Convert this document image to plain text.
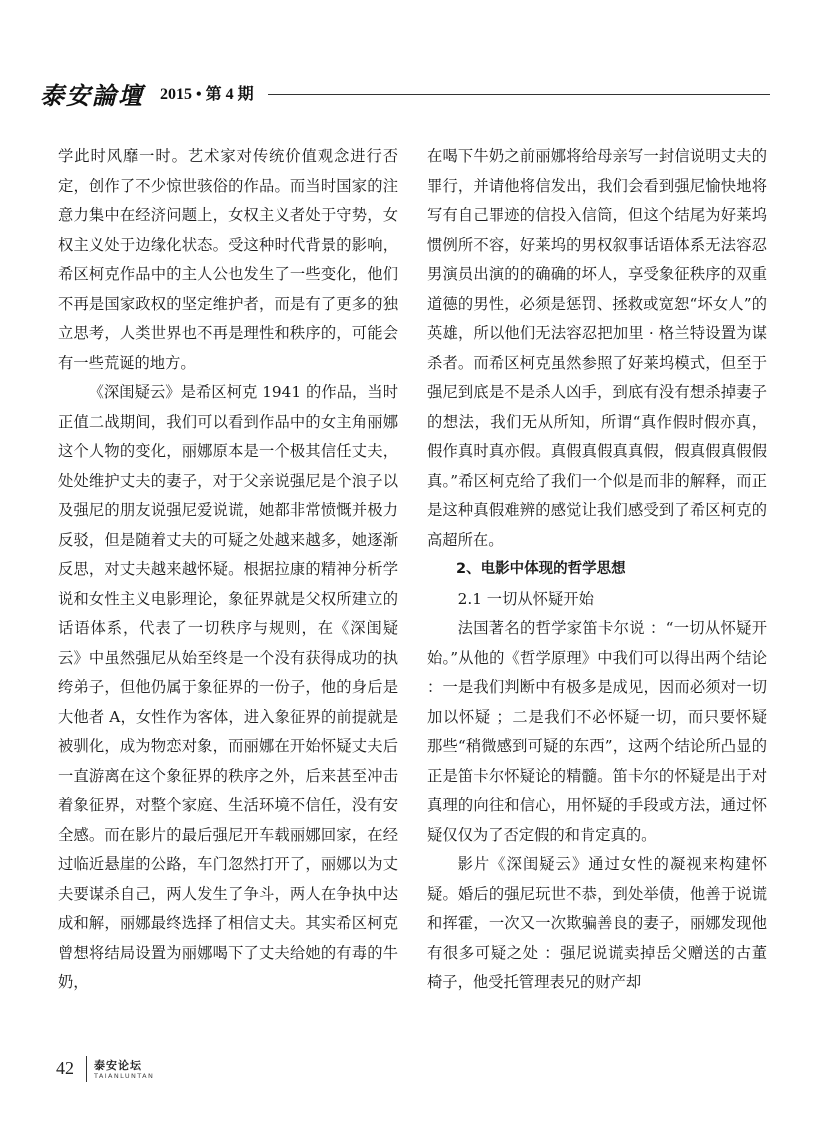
泰安論壇 2015 • 第 4 期

学此时风靡一时。艺术家对传统价值观念进行否定，创作了不少惊世骇俗的作品。而当时国家的注意力集中在经济问题上，女权主义者处于守势，女权主义处于边缘化状态。受这种时代背景的影响，希区柯克作品中的主人公也发生了一些变化，他们不再是国家政权的坚定维护者，而是有了更多的独立思考，人类世界也不再是理性和秩序的，可能会有一些荒诞的地方。

《深闺疑云》是希区柯克 1941 的作品，当时正值二战期间，我们可以看到作品中的女主角丽娜这个人物的变化，丽娜原本是一个极其信任丈夫，处处维护丈夫的妻子，对于父亲说强尼是个浪子以及强尼的朋友说强尼爱说谎，她都非常愤慨并极力反驳，但是随着丈夫的可疑之处越来越多，她逐渐反思，对丈夫越来越怀疑。根据拉康的精神分析学说和女性主义电影理论，象征界就是父权所建立的话语体系，代表了一切秩序与规则，在《深闺疑云》中虽然强尼从始至终是一个没有获得成功的执绔弟子，但他仍属于象征界的一份子，他的身后是大他者 A，女性作为客体，进入象征界的前提就是被驯化，成为物恋对象，而丽娜在开始怀疑丈夫后一直游离在这个象征界的秩序之外，后来甚至冲击着象征界，对整个家庭、生活环境不信任，没有安全感。而在影片的最后强尼开车载丽娜回家，在经过临近悬崖的公路，车门忽然打开了，丽娜以为丈夫要谋杀自己，两人发生了争斗，两人在争执中达成和解，丽娜最终选择了相信丈夫。其实希区柯克曾想将结局设置为丽娜喝下了丈夫给她的有毒的牛奶，

在喝下牛奶之前丽娜将给母亲写一封信说明丈夫的罪行，并请他将信发出，我们会看到强尼愉快地将写有自己罪迹的信投入信筒，但这个结尾为好莱坞惯例所不容，好莱坞的男权叙事话语体系无法容忍男演员出演的的确确的坏人，享受象征秩序的双重道德的男性，必须是惩罚、拯救或宽恕“坏女人”的英雄，所以他们无法容忍把加里 · 格兰特设置为谋杀者。而希区柯克虽然参照了好莱坞模式，但至于强尼到底是不是杀人凶手，到底有没有想杀掉妻子的想法，我们无从所知，所谓“真作假时假亦真，假作真时真亦假。真假真假真真假，假真假真假假真。”希区柯克给了我们一个似是而非的解释，而正是这种真假难辨的感觉让我们感受到了希区柯克的高超所在。

2、电影中体现的哲学思想

2.1 一切从怀疑开始

法国著名的哲学家笛卡尔说 ：“一切从怀疑开始。”从他的《哲学原理》中我们可以得出两个结论 ：一是我们判断中有极多是成见，因而必须对一切加以怀疑 ；二是我们不必怀疑一切，而只要怀疑那些“稍微感到可疑的东西”，这两个结论所凸显的正是笛卡尔怀疑论的精髓。笛卡尔的怀疑是出于对真理的向往和信心，用怀疑的手段或方法，通过怀疑仅仅为了否定假的和肯定真的。

影片《深闺疑云》通过女性的凝视来构建怀疑。婚后的强尼玩世不恭，到处举债，他善于说谎和挥霍，一次又一次欺骗善良的妻子，丽娜发现他有很多可疑之处 ：强尼说谎卖掉岳父赠送的古董椅子，他受托管理表兄的财产却

42 泰安论坛
TAIANLUNTAN
